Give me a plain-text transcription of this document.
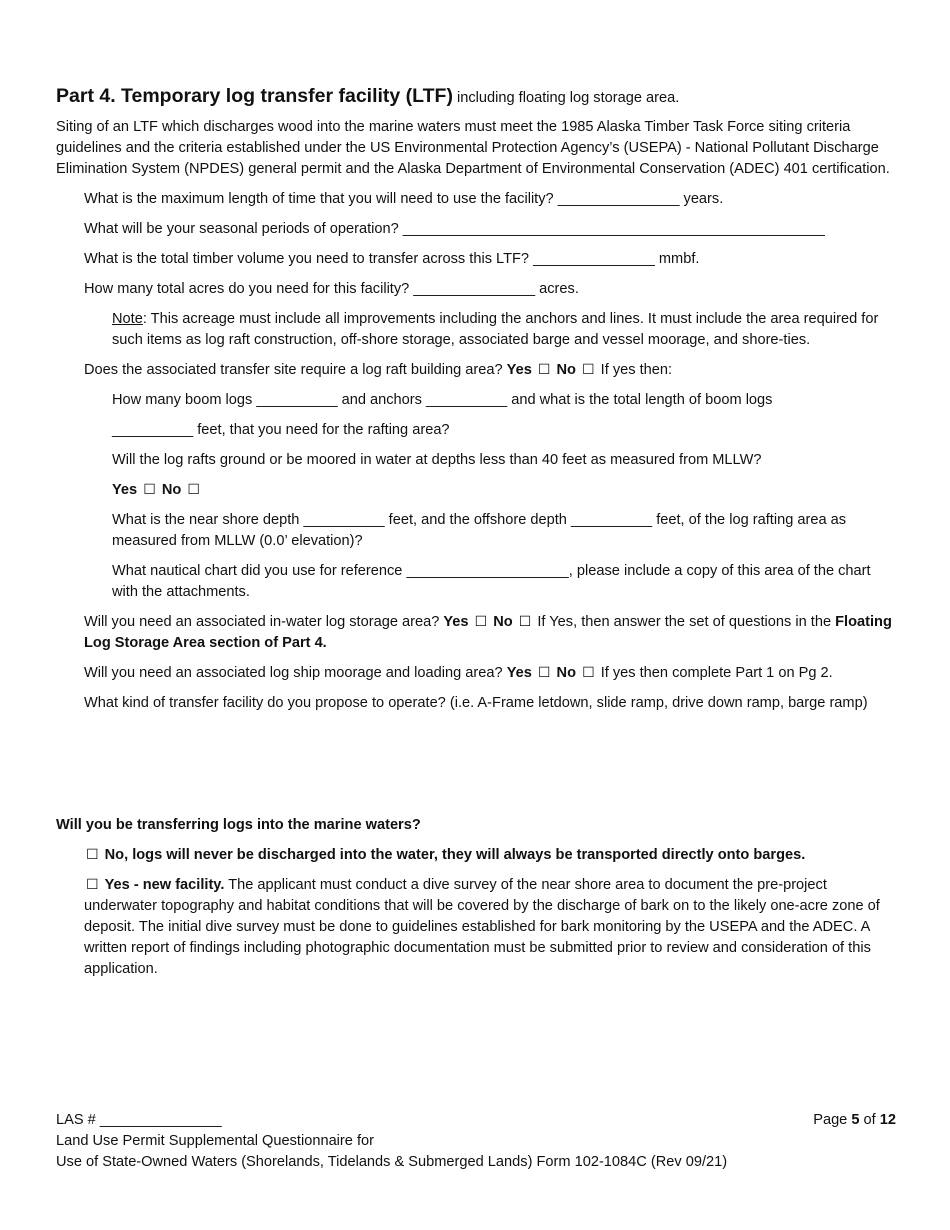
Part 4. Temporary log transfer facility (LTF) including floating log storage area.

Siting of an LTF which discharges wood into the marine waters must meet the 1985 Alaska Timber Task Force siting criteria guidelines and the criteria established under the US Environmental Protection Agency’s (USEPA) - National Pollutant Discharge Elimination System (NPDES) general permit and the Alaska Department of Environmental Conservation (ADEC) 401 certification.

What is the maximum length of time that you will need to use the facility? _______________ years.

What will be your seasonal periods of operation? ____________________________________________________

What is the total timber volume you need to transfer across this LTF? _______________ mmbf.

How many total acres do you need for this facility? _______________ acres.

Note: This acreage must include all improvements including the anchors and lines. It must include the area required for such items as log raft construction, off-shore storage, associated barge and vessel moorage, and shore-ties.

Does the associated transfer site require a log raft building area? Yes ☐ No ☐ If yes then:

How many boom logs __________ and anchors __________ and what is the total length of boom logs

__________ feet, that you need for the rafting area?

Will the log rafts ground or be moored in water at depths less than 40 feet as measured from MLLW?

Yes ☐ No ☐

What is the near shore depth __________ feet, and the offshore depth __________ feet, of the log rafting area as measured from MLLW (0.0’ elevation)?

What nautical chart did you use for reference ____________________, please include a copy of this area of the chart with the attachments.

Will you need an associated in-water log storage area? Yes ☐ No ☐ If Yes, then answer the set of questions in the Floating Log Storage Area section of Part 4.

Will you need an associated log ship moorage and loading area? Yes ☐ No ☐ If yes then complete Part 1 on Pg 2.

What kind of transfer facility do you propose to operate? (i.e. A-Frame letdown, slide ramp, drive down ramp, barge ramp)

Will you be transferring logs into the marine waters?

☐ No, logs will never be discharged into the water, they will always be transported directly onto barges.

☐ Yes - new facility. The applicant must conduct a dive survey of the near shore area to document the pre-project underwater topography and habitat conditions that will be covered by the discharge of bark on to the likely one-acre zone of deposit. The initial dive survey must be done to guidelines established for bark monitoring by the USEPA and the ADEC. A written report of findings including photographic documentation must be submitted prior to review and consideration of this application.

LAS # _______________	Page 5 of 12
Land Use Permit Supplemental Questionnaire for
Use of State-Owned Waters (Shorelands, Tidelands & Submerged Lands) Form 102-1084C (Rev 09/21)
